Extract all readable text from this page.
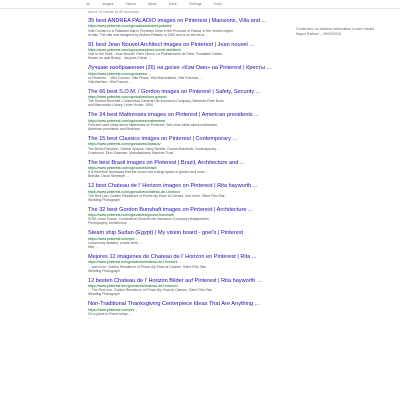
All	Images	Videos	News	More	Settings	Tools
About 21 results (0.55 seconds)
35 best ANDREA PALADIO images on Pinterest | Mansions, Villa and ...
https://www.pinterest.com/vgoncalves/andrea-paladio/
Villa Cornaro is a Palladian villa in Piombino Dese in the Province of Padua, in the Veneto region
of Italy. The villa was designed by Andrea Palladio in 1552 and is on the list of ...
91 best Jean Nouvel Architect images on Pinterest | Jean nouvel ...
https://www.pinterest.com/vgoncalves/jean-nouvel-architect/
Ode to the Paris - Jean Nouvel. Paris Opera, La Philharmonie de Paris, Fondation Cartier,
Musee du quai Branly - Jacques Chirac ...
Лучшие изображения (26) на доске «Кэм Омо» на Pinterest | Кресты ...
https://www.pinterest.com/vgoncalves/ ...
сс Pinterest ... Villa Cornaro, Villa Pisani, Villa Malcontenta, Villa Rotonda, ...
Villa Barbaro, Villa Foscari ...
The 66 best S.O.M. / Gordon images on Pinterest | Safety, Security ...
https://www.pinterest.com/vgoncalves/som-gordon/
The Gordon Bunshaft. Connecticut General Life Insurance Company, Beinecke Rare Book
and Manuscript Library, Lever House, 1954
The 24 best Mattresses images on Pinterest | American presidents ...
https://www.pinterest.com/vgoncalves/mattresses/
Find and save ideas about mattresses on Pinterest. See more ideas about mattresses,
American presidents and Bedroom.
The 15 best Classics images on Pinterest | Contemporary ...
https://www.pinterest.com/vgoncalves/classics/
The Berlin Elevation, Classic Spaces, Harry Bertoia, Gordon Bunshaft, Contemporary ...
Cranbrook, Eero Saarinen, Manufacturers Hanover Trust
The best Brasil images on Pinterest | Brazil, Architecture and ...
https://www.pinterest.com/vgoncalves/brasil/
It is therefore necessary that the house has a large space of garden and room ...
Brasilia, Oscar Niemeyer ...
12 best Chateau de l' Horizon images on Pinterest | Rita hayworth ...
https://www.pinterest.com/vgoncalves/chateau-de-l-horizon/
The Red Lion. Golden Residence of Prince Aly Khan at Cannes. See more. Silent Film Star.
Wedding Photograph
The 32 best Gordon Bunshaft images on Pinterest | Architecture ...
https://www.pinterest.com/vgoncalves/gordon-bunshaft/
SOM, Lever House, Connecticut General Life Insurance Company Headquarters,
Photography, Architecture
Steam ship Sudan (Egypt) | My vision board - goel's | Pinterest
https://www.pinterest.com/pin/ ...
Luxuriously detailed, a wide berth, ...
Nile, ...
Mejores 12 imágenes de Chateau de l' Horizon en Pinterest | Rita ...
https://www.pinterest.es/vgoncalves/chateau-de-l-horizon/
... and more. Golden Residence of Prince Aly Khan at Cannes. Silent Film Star.
Wedding Photograph
12 besten Chateau de l' Horizon Bilder auf Pinterest | Rita hayworth ...
https://www.pinterest.de/vgoncalves/chateau-de-l-horizon/
... The Red Lion. Golden Residence of Prince Aly Khan at Cannes. Silent Film Star.
Wedding Photograph
Non-Traditional Thanksgiving Centerpiece Ideas That Are Anything ...
https://www.pinterest.com/pin/ ...
On a plane to Rome today ...
...
Confirmed, no adverse information in web results -
Mayur Rathod -- 09/04/2015
